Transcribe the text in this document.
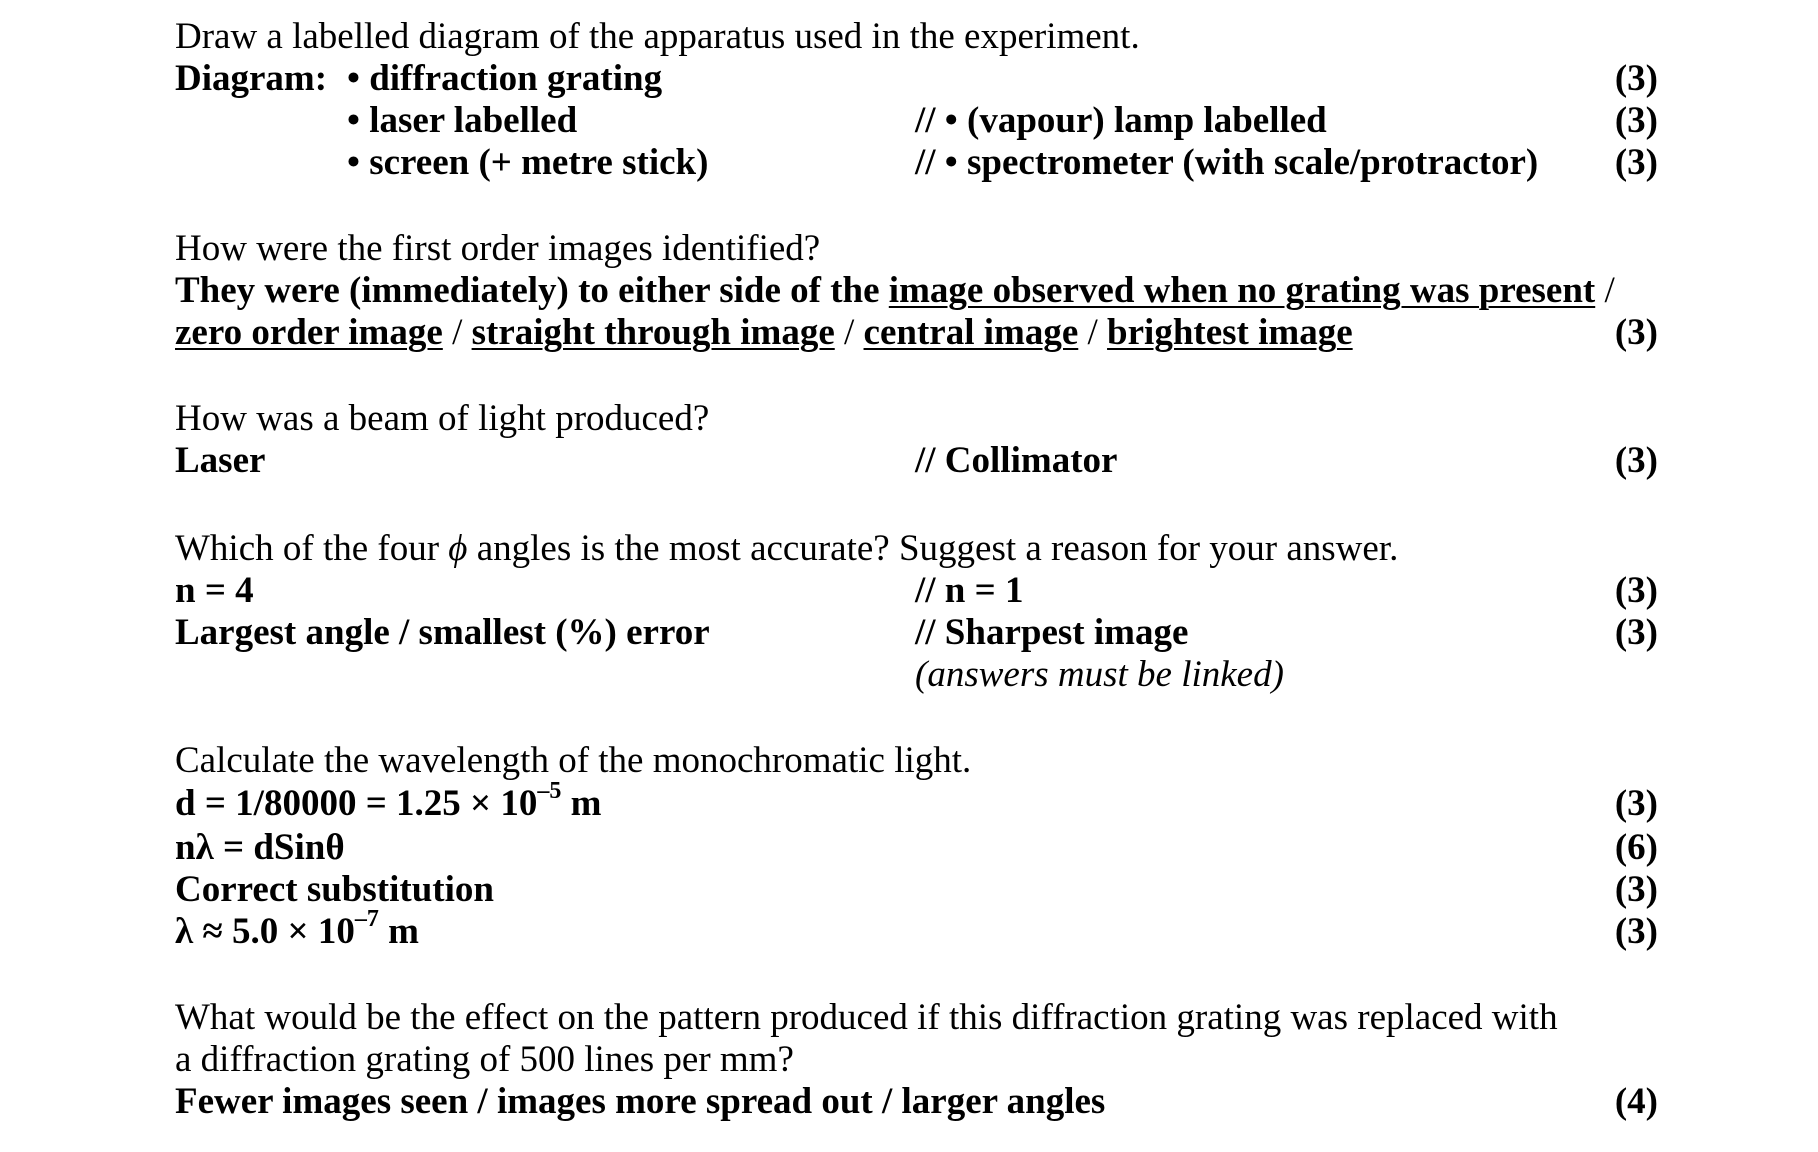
Draw a labelled diagram of the apparatus used in the experiment.
Diagram: • diffraction grating	(3)
• laser labelled	// • (vapour) lamp labelled	(3)
• screen (+ metre stick)	// • spectrometer (with scale/protractor) (3)
How were the first order images identified?
They were (immediately) to either side of the image observed when no grating was present /
zero order image / straight through image / central image / brightest image	(3)
How was a beam of light produced?
Laser	// Collimator	(3)
Which of the four ϕ angles is the most accurate? Suggest a reason for your answer.
n = 4	// n = 1	(3)
Largest angle / smallest (%) error	// Sharpest image	(3)
(answers must be linked)
Calculate the wavelength of the monochromatic light.
$d = 1/80000 = 1.25 \times 10^{-5}$ m	(3)
nλ = dSinθ	(6)
Correct substitution	(3)
$\lambda \approx 5.0 \times 10^{-7}$ m	(3)
What would be the effect on the pattern produced if this diffraction grating was replaced with
a diffraction grating of 500 lines per mm?
Fewer images seen / images more spread out / larger angles	(4)
